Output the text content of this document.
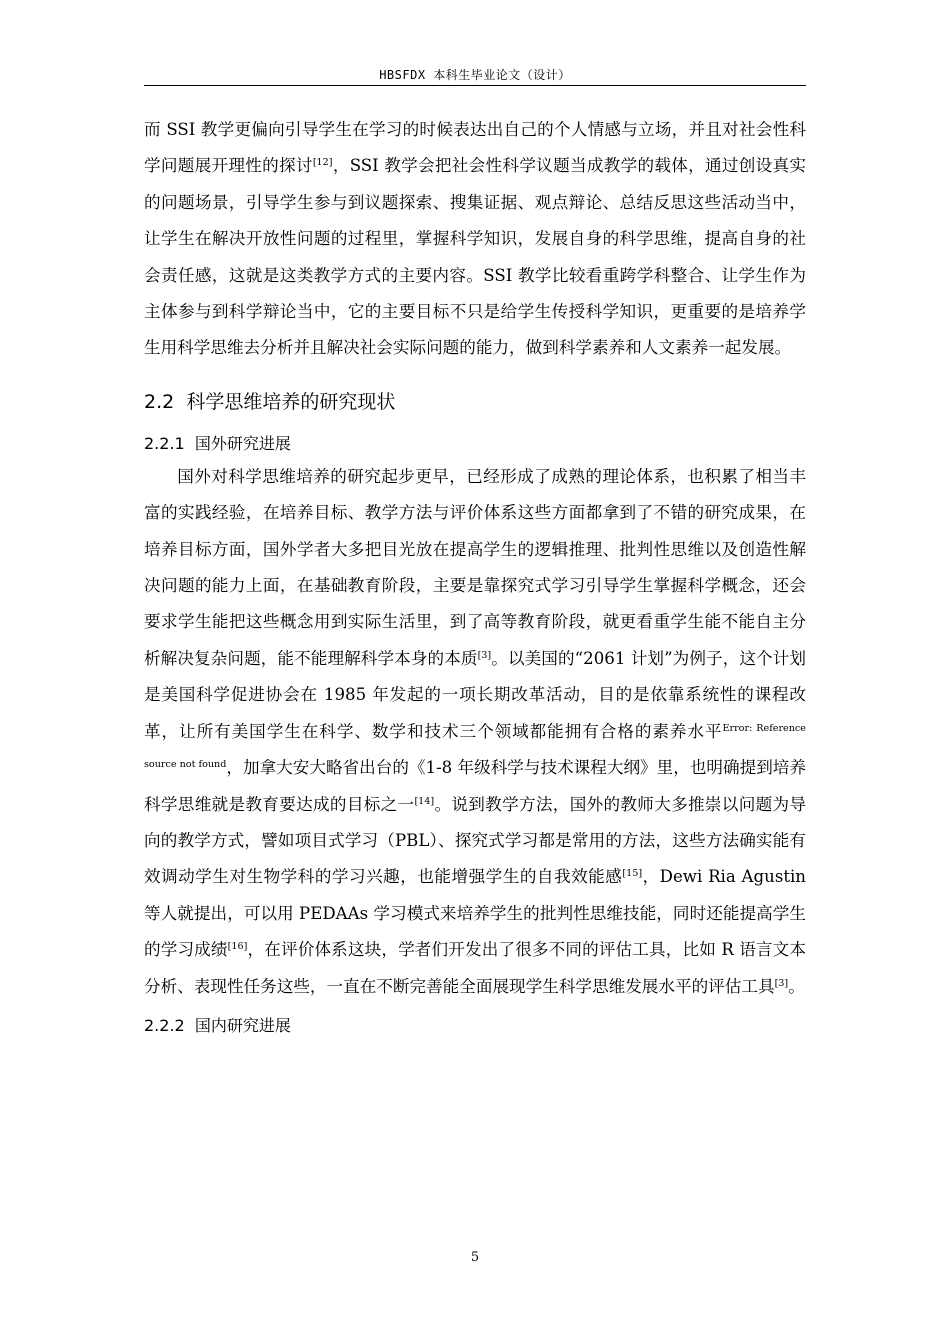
HBSFDX 本科生毕业论文（设计）

而 SSI 教学更偏向引导学生在学习的时候表达出自己的个人情感与立场，并且对社会性科学问题展开理性的探讨[12]，SSI 教学会把社会性科学议题当成教学的载体，通过创设真实的问题场景，引导学生参与到议题探索、搜集证据、观点辩论、总结反思这些活动当中，让学生在解决开放性问题的过程里，掌握科学知识，发展自身的科学思维，提高自身的社会责任感，这就是这类教学方式的主要内容。SSI 教学比较看重跨学科整合、让学生作为主体参与到科学辩论当中，它的主要目标不只是给学生传授科学知识，更重要的是培养学生用科学思维去分析并且解决社会实际问题的能力，做到科学素养和人文素养一起发展。

2.2 科学思维培养的研究现状
2.2.1 国外研究进展

国外对科学思维培养的研究起步更早，已经形成了成熟的理论体系，也积累了相当丰富的实践经验，在培养目标、教学方法与评价体系这些方面都拿到了不错的研究成果，在培养目标方面，国外学者大多把目光放在提高学生的逻辑推理、批判性思维以及创造性解决问题的能力上面，在基础教育阶段，主要是靠探究式学习引导学生掌握科学概念，还会要求学生能把这些概念用到实际生活里，到了高等教育阶段，就更看重学生能不能自主分析解决复杂问题，能不能理解科学本身的本质[3]。以美国的“2061 计划”为例子，这个计划是美国科学促进协会在 1985 年发起的一项长期改革活动，目的是依靠系统性的课程改革，让所有美国学生在科学、数学和技术三个领域都能拥有合格的素养水平$^{Error: Reference source not found}$，加拿大安大略省出台的《1-8 年级科学与技术课程大纲》里，也明确提到培养科学思维就是教育要达成的目标之一[14]。说到教学方法，国外的教师大多推崇以问题为导向的教学方式，譬如项目式学习（PBL）、探究式学习都是常用的方法，这些方法确实能有效调动学生对生物学科的学习兴趣，也能增强学生的自我效能感[15]，Dewi Ria Agustin 等人就提出，可以用 PEDAAs 学习模式来培养学生的批判性思维技能，同时还能提高学生的学习成绩[16]，在评价体系这块，学者们开发出了很多不同的评估工具，比如 R 语言文本分析、表现性任务这些，一直在不断完善能全面展现学生科学思维发展水平的评估工具[3]。

2.2.2 国内研究进展
5
